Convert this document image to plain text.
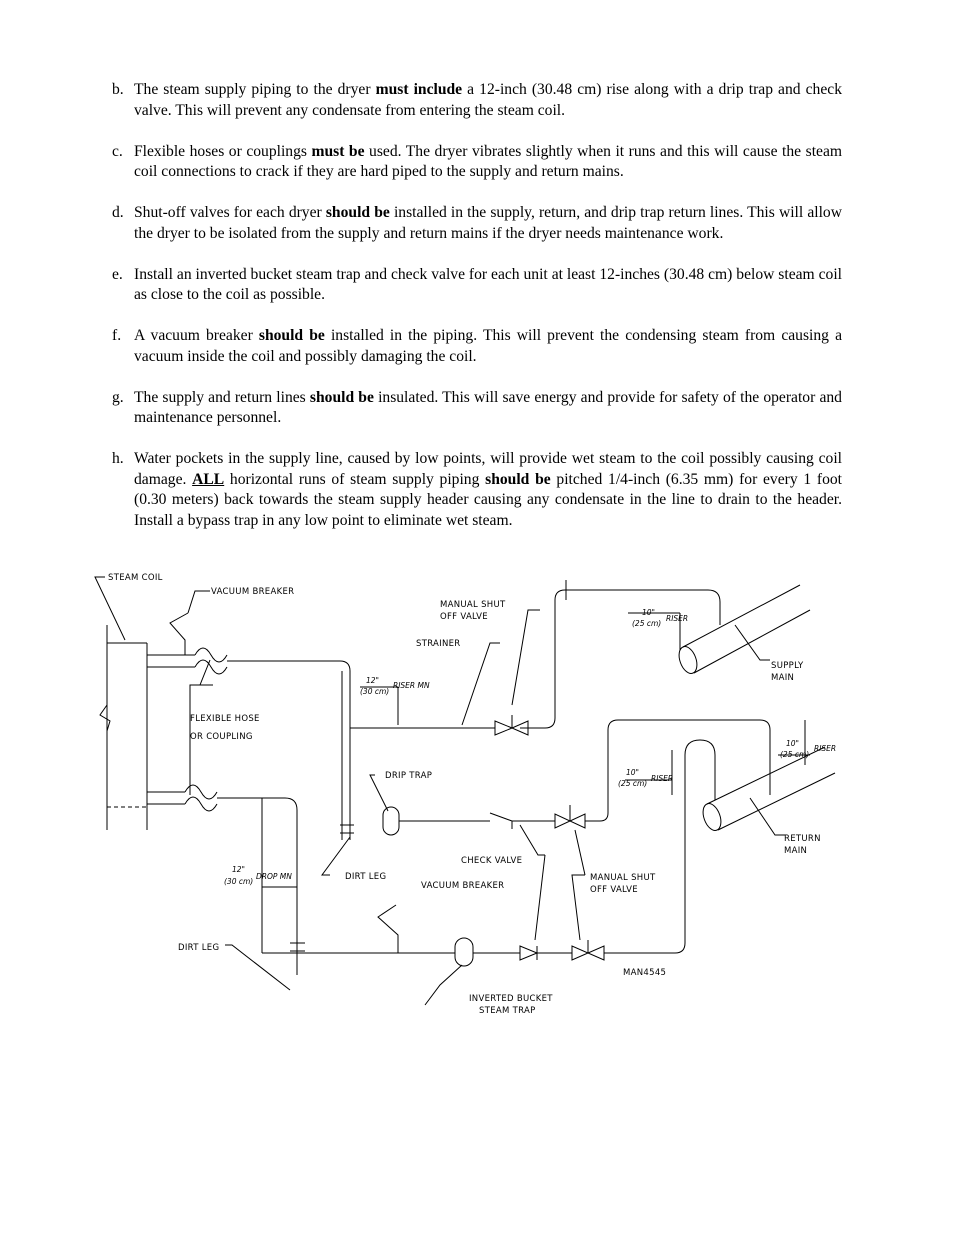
b. The steam supply piping to the dryer must include a 12-inch (30.48 cm) rise along with a drip trap and check valve. This will prevent any condensate from entering the steam coil.
c. Flexible hoses or couplings must be used. The dryer vibrates slightly when it runs and this will cause the steam coil connections to crack if they are hard piped to the supply and return mains.
d. Shut-off valves for each dryer should be installed in the supply, return, and drip trap return lines. This will allow the dryer to be isolated from the supply and return mains if the dryer needs maintenance work.
e. Install an inverted bucket steam trap and check valve for each unit at least 12-inches (30.48 cm) below steam coil as close to the coil as possible.
f. A vacuum breaker should be installed in the piping. This will prevent the condensing steam from causing a vacuum inside the coil and possibly damaging the coil.
g. The supply and return lines should be insulated. This will save energy and provide for safety of the operator and maintenance personnel.
h. Water pockets in the supply line, caused by low points, will provide wet steam to the coil possibly causing coil damage. ALL horizontal runs of steam supply piping should be pitched 1/4-inch (6.35 mm) for every 1 foot (0.30 meters) back towards the steam supply header causing any condensate in the line to drain to the header. Install a bypass trap in any low point to eliminate wet steam.
STEAM COIL
VACUUM BREAKER
MANUAL SHUT
OFF VALVE
STRAINER
SUPPLY
MAIN
FLEXIBLE HOSE
OR COUPLING
12"
(30 cm)
RISER MN
10"
(25 cm)
RISER
10"
(25 cm)
RISER
10"
(25 cm)
RISER
DRIP TRAP
RETURN
MAIN
CHECK VALVE
12"
(30 cm)
DROP MN	DIRT LEG
VACUUM BREAKER
MANUAL SHUT
OFF VALVE
DIRT LEG
MAN4545
INVERTED BUCKET
STEAM TRAP
